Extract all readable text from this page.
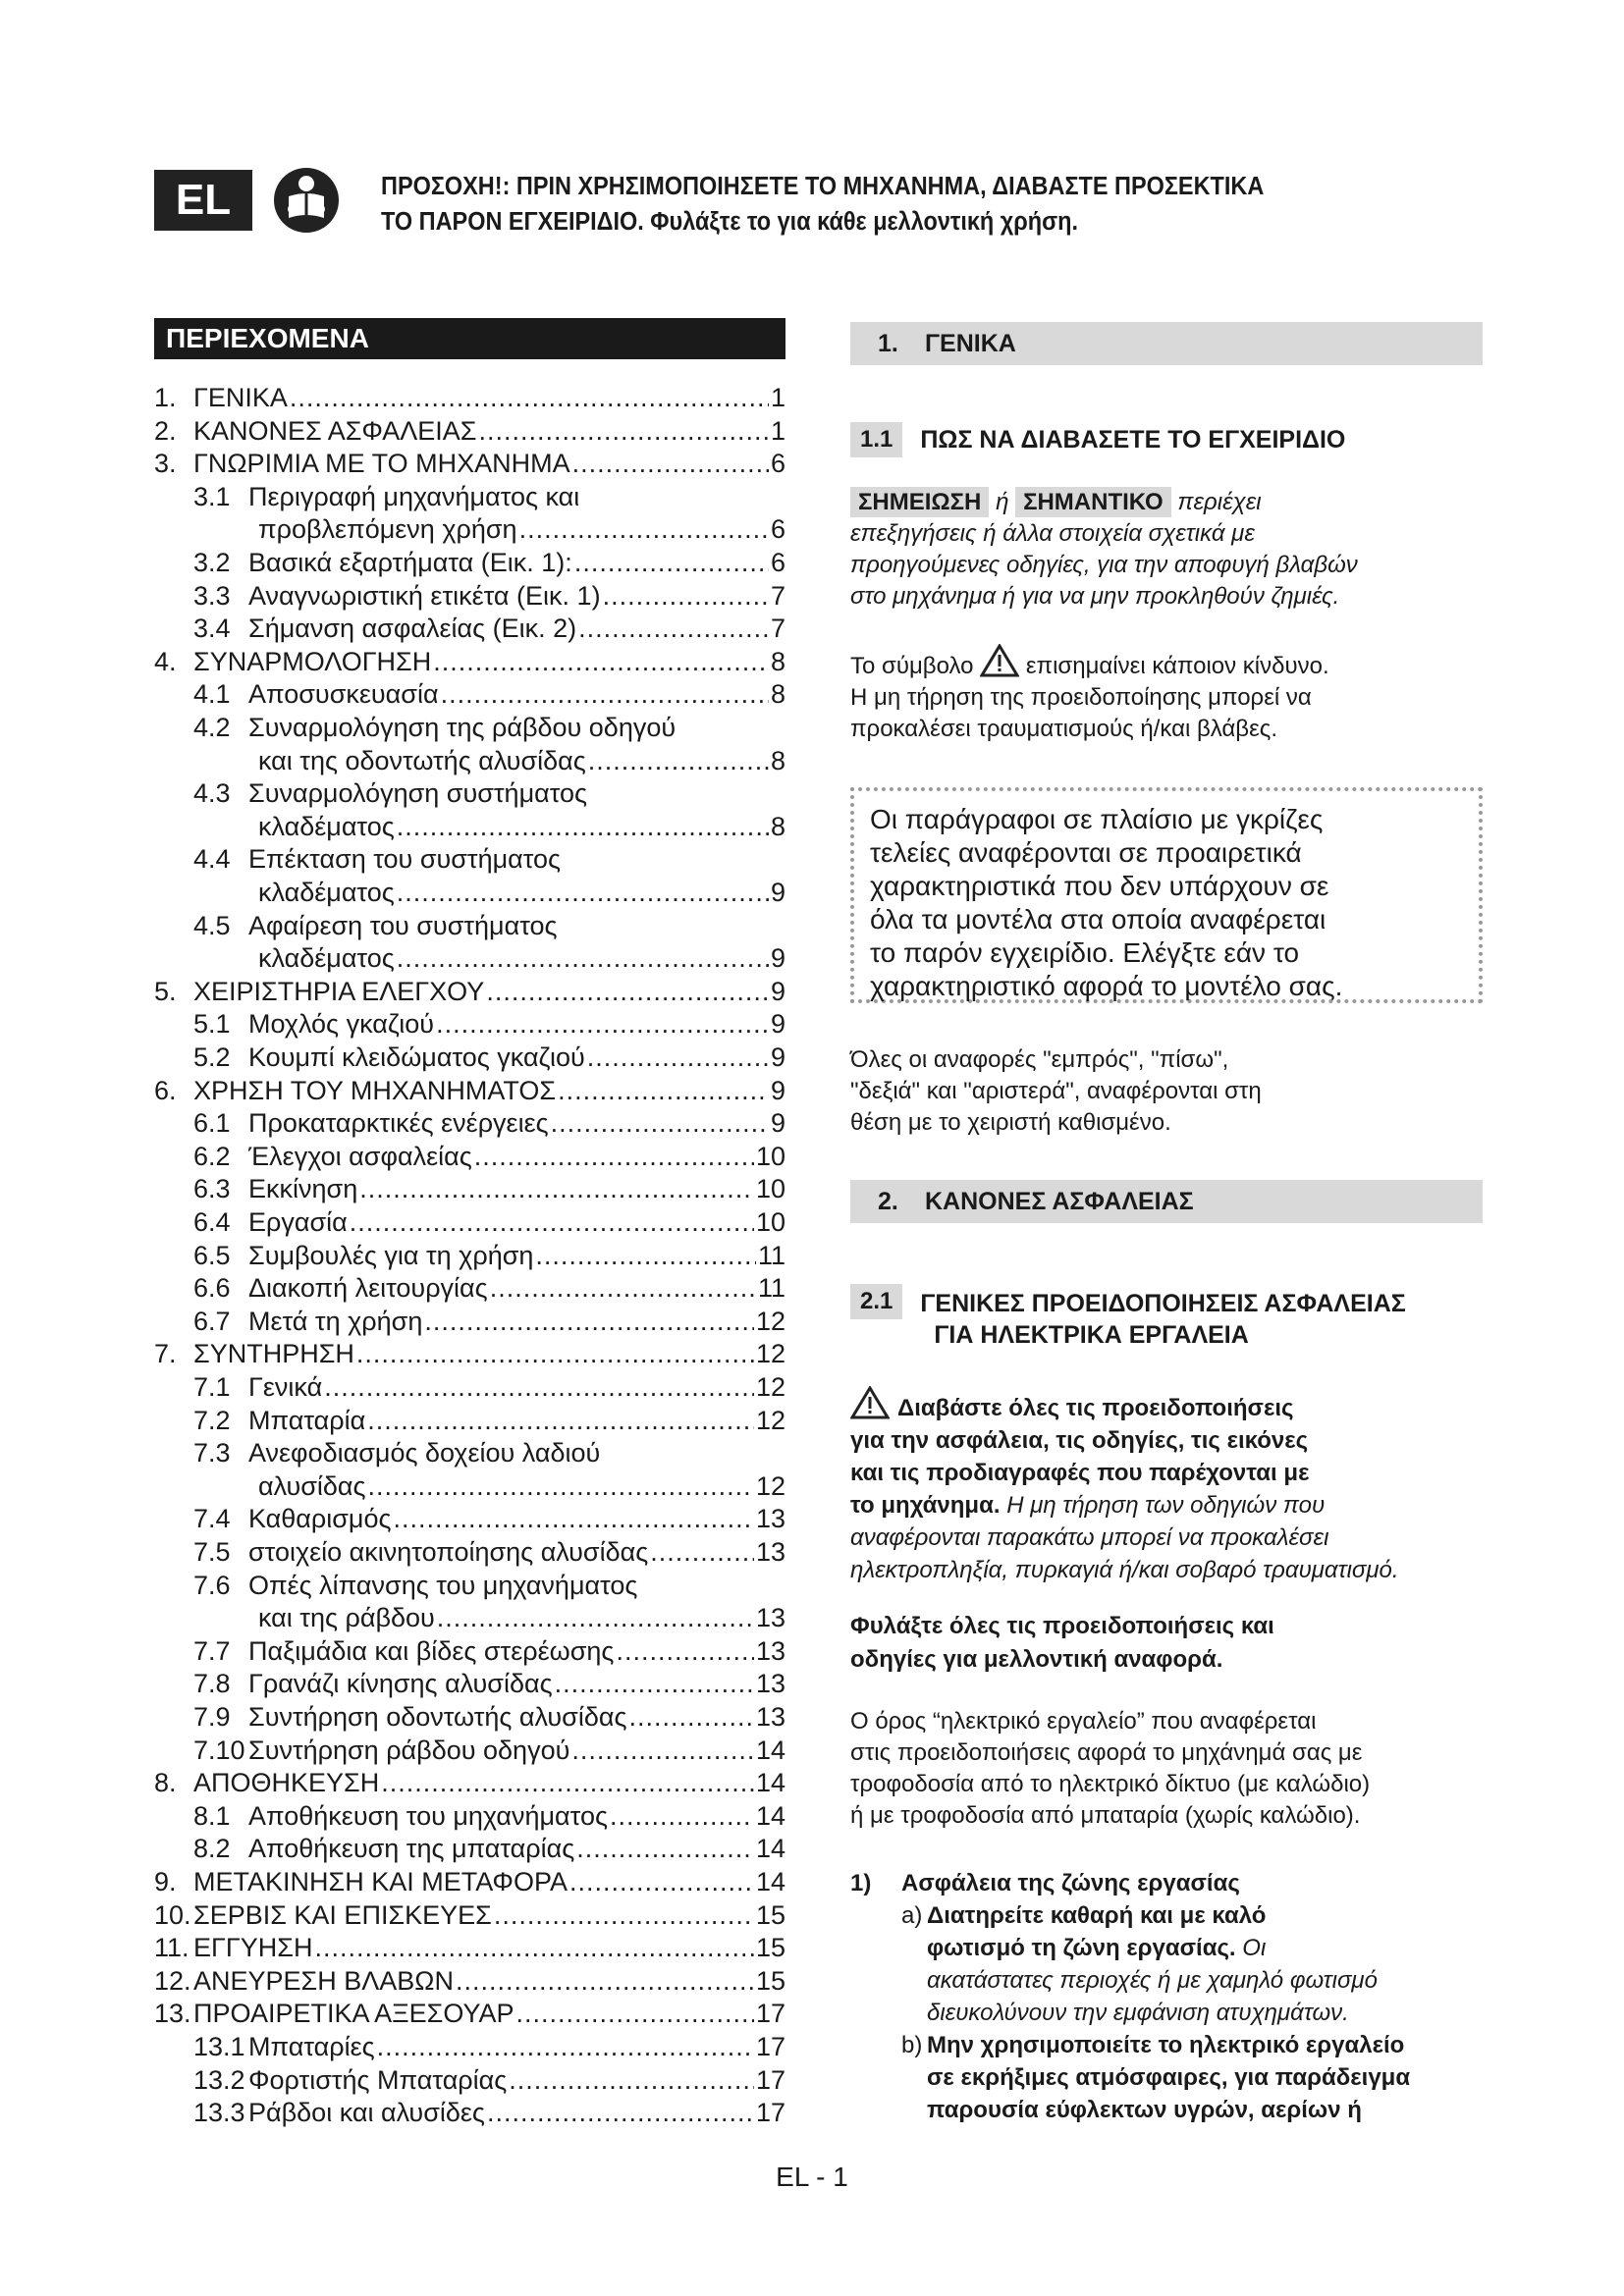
EL	ΠΡΟΣΟΧΗ!: ΠΡΙΝ ΧΡΗΣΙΜΟΠΟΙΗΣΕΤΕ ΤΟ ΜΗΧΑΝΗΜΑ, ΔΙΑΒΑΣΤΕ ΠΡΟΣΕΚΤΙΚΑ
ΤΟ ΠΑΡΟΝ ΕΓΧΕΙΡΙΔΙΟ. Φυλάξτε το για κάθε μελλοντική χρήση.
ΠΕΡΙΕΧΟΜΕΝΑ
1. ΓΕΝΙΚΑ .....	1
2. ΚΑΝΟΝΕΣ ΑΣΦΑΛΕΙΑΣ .....	1
3. ΓΝΩΡΙΜΙΑ ΜΕ ΤΟ ΜΗΧΑΝΗΜΑ .....	6
3.1 Περιγραφή μηχανήματος και
προβλεπόμενη χρήση .....	6
3.2 Βασικά εξαρτήματα (Εικ. 1): .....	6
3.3 Αναγνωριστική ετικέτα (Εικ. 1) .....	7
3.4 Σήμανση ασφαλείας (Εικ. 2) .....	7
4. ΣΥΝΑΡΜΟΛΟΓΗΣΗ .....	8
4.1 Αποσυσκευασία .....	8
4.2 Συναρμολόγηση της ράβδου οδηγού
και της οδοντωτής αλυσίδας .....	8
4.3 Συναρμολόγηση συστήματος
κλαδέματος .....	8
4.4 Επέκταση του συστήματος
κλαδέματος .....	9
4.5 Αφαίρεση του συστήματος
κλαδέματος .....	9
5. ΧΕΙΡΙΣΤΗΡΙΑ ΕΛΕΓΧΟΥ .....	9
5.1 Μοχλός γκαζιού .....	9
5.2 Κουμπί κλειδώματος γκαζιού .....	9
6. ΧΡΗΣΗ ΤΟΥ ΜΗΧΑΝΗΜΑΤΟΣ .....	9
6.1 Προκαταρκτικές ενέργειες .....	9
6.2 Έλεγχοι ασφαλείας .....	10
6.3 Εκκίνηση .....	10
6.4 Εργασία .....	10
6.5 Συμβουλές για τη χρήση .....	11
6.6 Διακοπή λειτουργίας .....	11
6.7 Μετά τη χρήση .....	12
7. ΣΥΝΤΗΡΗΣΗ .....	12
7.1 Γενικά .....	12
7.2 Μπαταρία .....	12
7.3 Ανεφοδιασμός δοχείου λαδιού
αλυσίδας .....	12
7.4 Καθαρισμός .....	13
7.5 στοιχείο ακινητοποίησης αλυσίδας .....	13
7.6 Οπές λίπανσης του μηχανήματος
και της ράβδου .....	13
7.7 Παξιμάδια και βίδες στερέωσης .....	13
7.8 Γρανάζι κίνησης αλυσίδας .....	13
7.9 Συντήρηση οδοντωτής αλυσίδας .....	13
7.10 Συντήρηση ράβδου οδηγού .....	14
8. ΑΠΟΘΗΚΕΥΣΗ .....	14
8.1 Αποθήκευση του μηχανήματος .....	14
8.2 Αποθήκευση της μπαταρίας .....	14
9. ΜΕΤΑΚΙΝΗΣΗ ΚΑΙ ΜΕΤΑΦΟΡΑ .....	14
10. ΣΕΡΒΙΣ ΚΑΙ ΕΠΙΣΚΕΥΕΣ .....	15
11. ΕΓΓΥΗΣΗ .....	15
12. ΑΝΕΥΡΕΣΗ ΒΛΑΒΩΝ .....	15
13. ΠΡΟΑΙΡΕΤΙΚΑ ΑΞΕΣΟΥΑΡ .....	17
13.1 Μπαταρίες .....	17
13.2 Φορτιστής Μπαταρίας .....	17
13.3 Ράβδοι και αλυσίδες .....	17
1.	ΓΕΝΙΚΑ
1.1	ΠΩΣ ΝΑ ΔΙΑΒΑΣΕΤΕ ΤΟ ΕΓΧΕΙΡΙΔΙΟ
ΣΗΜΕΙΩΣΗ ή ΣΗΜΑΝΤΙΚΟ περιέχει
επεξηγήσεις ή άλλα στοιχεία σχετικά με
προηγούμενες οδηγίες, για την αποφυγή βλαβών
στο μηχάνημα ή για να μην προκληθούν ζημιές.
Το σύμβολο επισημαίνει κάποιον κίνδυνο.
Η μη τήρηση της προειδοποίησης μπορεί να
προκαλέσει τραυματισμούς ή/και βλάβες.
Οι παράγραφοι σε πλαίσιο με γκρίζες
τελείες αναφέρονται σε προαιρετικά
χαρακτηριστικά που δεν υπάρχουν σε
όλα τα μοντέλα στα οποία αναφέρεται
το παρόν εγχειρίδιο. Ελέγξτε εάν το
χαρακτηριστικό αφορά το μοντέλο σας.
Όλες οι αναφορές "εμπρός", "πίσω",
"δεξιά" και "αριστερά", αναφέρονται στη
θέση με το χειριστή καθισμένο.
2.	ΚΑΝΟΝΕΣ ΑΣΦΑΛΕΙΑΣ
2.1	ΓΕΝΙΚΕΣ ΠΡΟΕΙΔΟΠΟΙΗΣΕΙΣ ΑΣΦΑΛΕΙΑΣ
ΓΙΑ ΗΛΕΚΤΡΙΚΑ ΕΡΓΑΛΕΙΑ
Διαβάστε όλες τις προειδοποιήσεις
για την ασφάλεια, τις οδηγίες, τις εικόνες
και τις προδιαγραφές που παρέχονται με
το μηχάνημα. Η μη τήρηση των οδηγιών που
αναφέρονται παρακάτω μπορεί να προκαλέσει
ηλεκτροπληξία, πυρκαγιά ή/και σοβαρό τραυματισμό.
Φυλάξτε όλες τις προειδοποιήσεις και
οδηγίες για μελλοντική αναφορά.
Ο όρος “ηλεκτρικό εργαλείο” που αναφέρεται
στις προειδοποιήσεις αφορά το μηχάνημά σας με
τροφοδοσία από το ηλεκτρικό δίκτυο (με καλώδιο)
ή με τροφοδοσία από μπαταρία (χωρίς καλώδιο).
1) Ασφάλεια της ζώνης εργασίας
a) Διατηρείτε καθαρή και με καλό
φωτισμό τη ζώνη εργασίας. Οι
ακατάστατες περιοχές ή με χαμηλό φωτισμό
διευκολύνουν την εμφάνιση ατυχημάτων.
b) Μην χρησιμοποιείτε το ηλεκτρικό εργαλείο
σε εκρήξιμες ατμόσφαιρες, για παράδειγμα
παρουσία εύφλεκτων υγρών, αερίων ή
EL - 1
